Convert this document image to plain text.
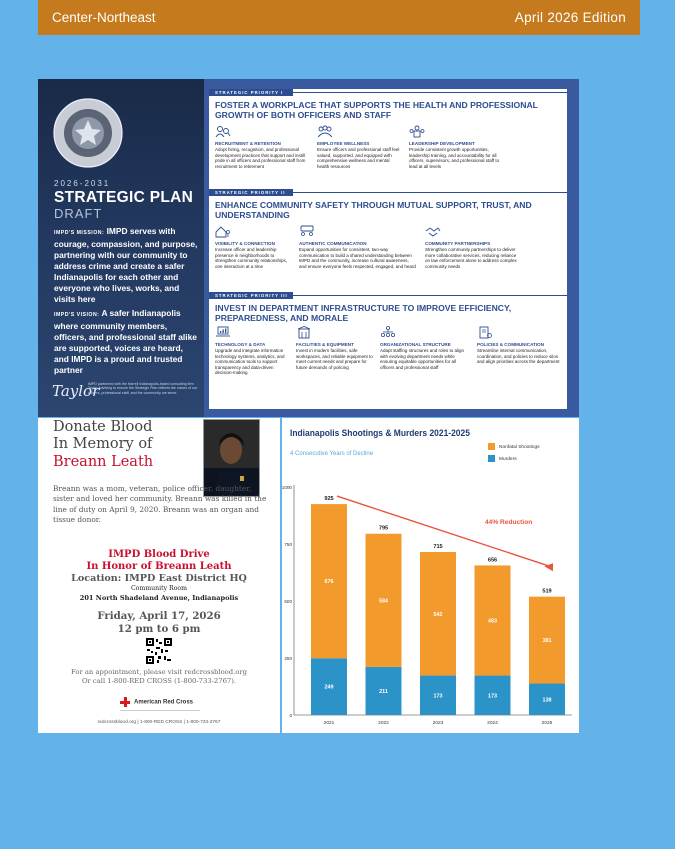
Center-Northeast	April 2026 Edition
2026-2031
STRATEGIC PLAN
DRAFT
IMPD'S MISSION: IMPD serves with courage, compassion, and purpose, partnering with our community to address crime and create a safer Indianapolis for each other and everyone who lives, works, and visits here
IMPD'S VISION: A safer Indianapolis where community members, officers, and professional staff alike are supported, voices are heard, and IMPD is a proud and trusted partner
Taylor
IMPD partnered with the Harrell Indianapolis-based consulting firm Taylor Advising to ensure the Strategic Plan reflects the voices of our officers, professional staff, and the community we serve.
STRATEGIC PRIORITY I
FOSTER A WORKPLACE THAT SUPPORTS THE HEALTH AND PROFESSIONAL GROWTH OF BOTH OFFICERS AND STAFF
RECRUITMENT & RETENTION
Adopt hiring, recognition, and professional development practices that support and instill pride in all officers and professional staff from recruitment to retirement
EMPLOYEE WELLNESS
Ensure officers and professional staff feel valued, supported, and equipped with comprehensive wellness and mental health resources
LEADERSHIP DEVELOPMENT
Provide consistent growth opportunities, leadership training, and accountability for all officers, supervisors, and professional staff to lead at all levels
STRATEGIC PRIORITY II
ENHANCE COMMUNITY SAFETY THROUGH MUTUAL SUPPORT, TRUST, AND UNDERSTANDING
VISIBILITY & CONNECTION
Increase officer and leadership presence in neighborhoods to strengthen community relationships, one interaction at a time
AUTHENTIC COMMUNICATION
Expand opportunities for consistent, two-way communication to build a shared understanding between IMPD and the community, increase cultural awareness, and ensure everyone feels respected, engaged, and heard
COMMUNITY PARTNERSHIPS
Strengthen community partnerships to deliver more collaborative services, reducing reliance on law enforcement alone to address complex community needs
STRATEGIC PRIORITY III
INVEST IN DEPARTMENT INFRASTRUCTURE TO IMPROVE EFFICIENCY, PREPAREDNESS, AND MORALE
TECHNOLOGY & DATA
Upgrade and integrate information technology systems, analytics, and communication tools to support transparency and data-driven decision-making
FACILITIES & EQUIPMENT
Invest in modern facilities, safe workspaces, and reliable equipment to meet current needs and prepare for future demands of policing
ORGANIZATIONAL STRUCTURE
Adapt staffing structures and roles to align with evolving department needs while ensuring equitable opportunities for all officers and professional staff
POLICIES & COMMUNICATION
Streamline internal communication, coordination, and policies to reduce silos and align priorities across the department
Donate Blood
In Memory of
Breann Leath
Breann was a mom, veteran, police officer, daughter, sister and loved her community. Breann was killed in the line of duty on April 9, 2020. Breann was an organ and tissue donor.
IMPD Blood Drive
In Honor of Breann Leath
Location: IMPD East District HQ
Community Room
201 North Shadeland Avenue, Indianapolis
Friday, April 17, 2026
12 pm to 6 pm
For an appointment, please visit redcrossblood.org
Or call 1-800-RED CROSS (1-800-733-2767).
American Red Cross
redcrossblood.org | 1-800-RED CROSS | 1-800-733-2767
Indianapolis Shootings & Murders 2021-2025
4 Consecutive Years of Decline
Nonfatal Shootings
Murders
0
250
500
750
1000
249
676
925
2021
211
584
795
2022
173
542
715
2023
173
483
656
2024
138
381
519
2025
44% Reduction
